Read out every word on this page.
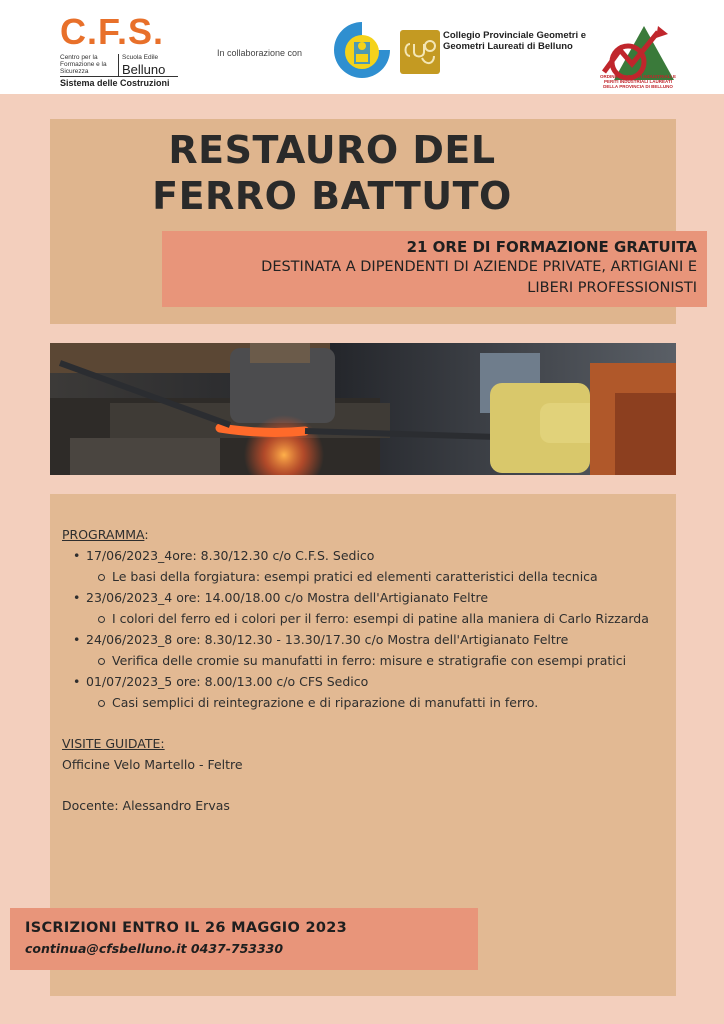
C.F.S.
Centro per la Formazione e la Sicurezza
Scuola Edile
Belluno
Sistema delle Costruzioni
In collaborazione con
Collegio Provinciale Geometri e Geometri Laureati di Belluno
ORDINE DEI PERITI INDUSTRIALI E PERITI INDUSTRIALI LAUREATI DELLA PROVINCIA DI BELLUNO
RESTAURO DEL
FERRO BATTUTO
21 ORE DI FORMAZIONE GRATUITA
DESTINATA A DIPENDENTI DI AZIENDE PRIVATE, ARTIGIANI E
LIBERI PROFESSIONISTI
PROGRAMMA:
• 17/06/2023_4ore: 8.30/12.30 c/o C.F.S. Sedico
Le basi della forgiatura: esempi pratici ed elementi caratteristici della tecnica
• 23/06/2023_4 ore: 14.00/18.00 c/o Mostra dell'Artigianato Feltre
I colori del ferro ed i colori per il ferro: esempi di patine alla maniera di Carlo Rizzarda
• 24/06/2023_8 ore: 8.30/12.30 - 13.30/17.30 c/o Mostra dell'Artigianato Feltre
Verifica delle cromie su manufatti in ferro: misure e stratigrafie con esempi pratici
• 01/07/2023_5 ore: 8.00/13.00 c/o CFS Sedico
Casi semplici di reintegrazione e di riparazione di manufatti in ferro.
VISITE GUIDATE:
Officine Velo Martello - Feltre
Docente: Alessandro Ervas
ISCRIZIONI ENTRO IL 26 MAGGIO 2023
continua@cfsbelluno.it 0437-753330
